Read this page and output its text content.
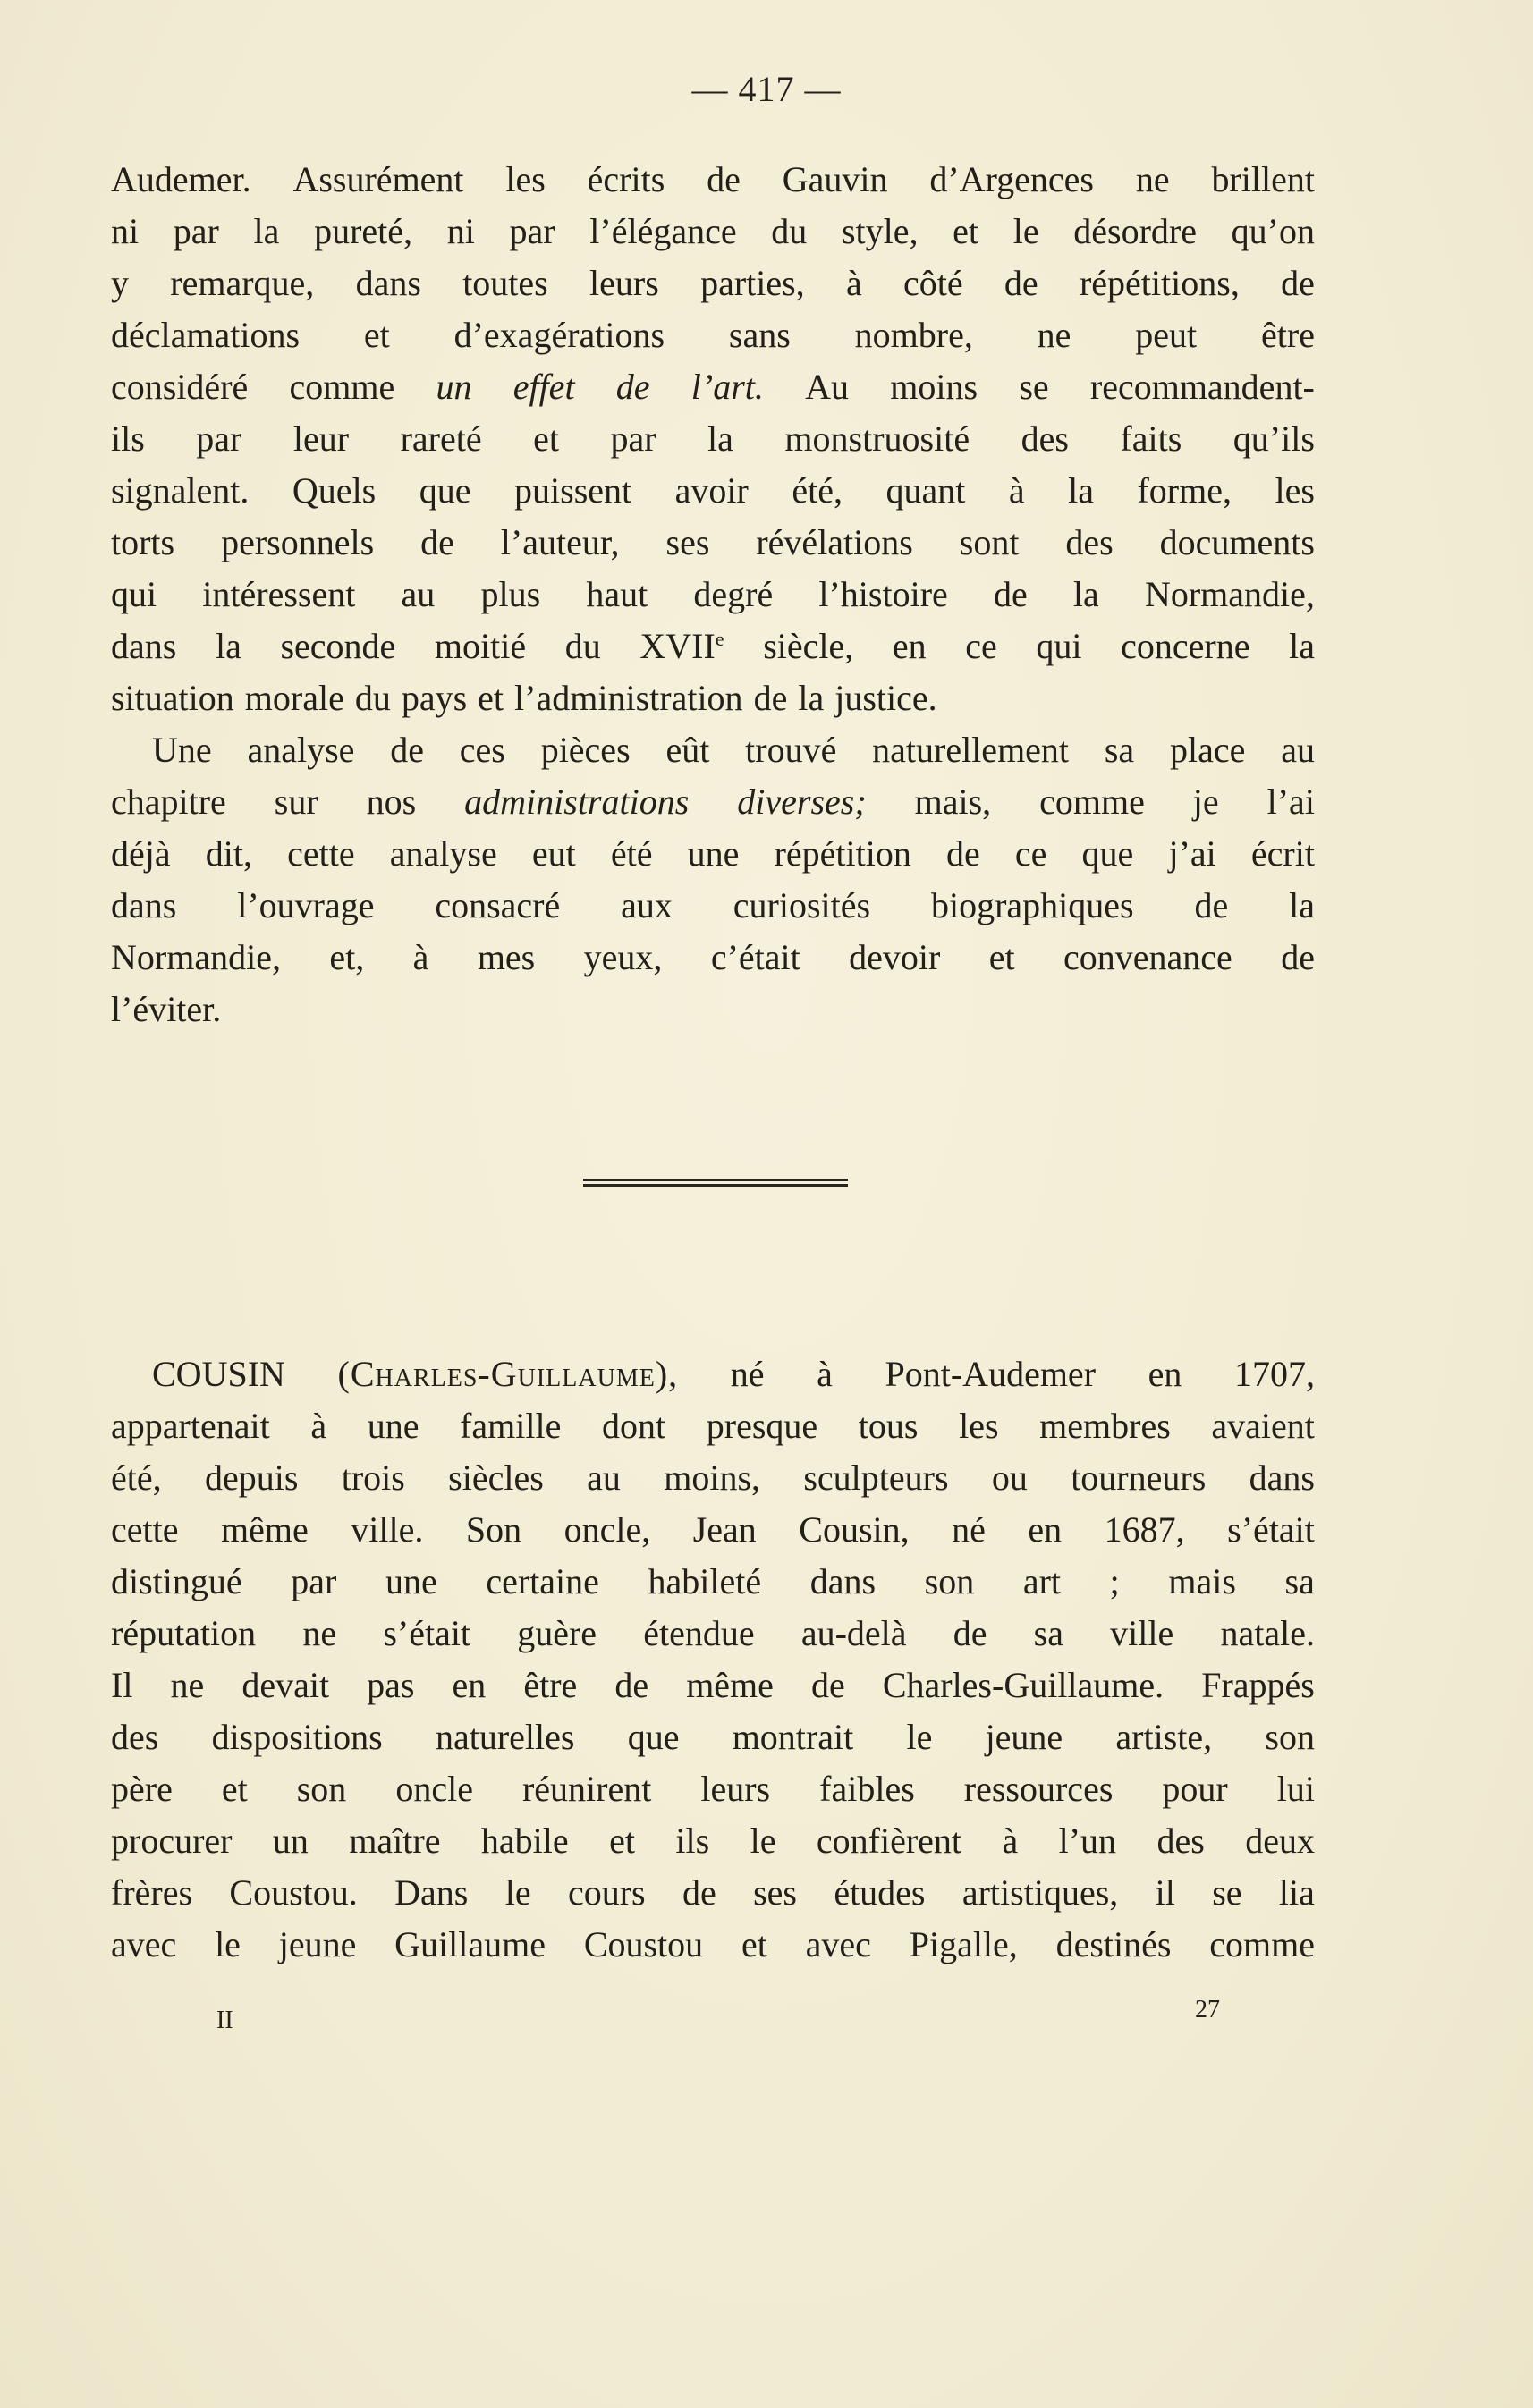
— 417 —
Audemer. Assurément les écrits de Gauvin d’Argences ne brillent
ni par la pureté, ni par l’élégance du style, et le désordre qu’on
y remarque, dans toutes leurs parties, à côté de répétitions, de
déclamations et d’exagérations sans nombre, ne peut être
considéré comme un effet de l’art. Au moins se recommandent-
ils par leur rareté et par la monstruosité des faits qu’ils
signalent. Quels que puissent avoir été, quant à la forme, les
torts personnels de l’auteur, ses révélations sont des documents
qui intéressent au plus haut degré l’histoire de la Normandie,
dans la seconde moitié du XVIIe siècle, en ce qui concerne la
situation morale du pays et l’administration de la justice.
Une analyse de ces pièces eût trouvé naturellement sa place au
chapitre sur nos administrations diverses; mais, comme je l’ai
déjà dit, cette analyse eut été une répétition de ce que j’ai écrit
dans l’ouvrage consacré aux curiosités biographiques de la
Normandie, et, à mes yeux, c’était devoir et convenance de
l’éviter.
COUSIN (Charles-Guillaume), né à Pont-Audemer en 1707,
appartenait à une famille dont presque tous les membres avaient
été, depuis trois siècles au moins, sculpteurs ou tourneurs dans
cette même ville. Son oncle, Jean Cousin, né en 1687, s’était
distingué par une certaine habileté dans son art ; mais sa
réputation ne s’était guère étendue au-delà de sa ville natale.
Il ne devait pas en être de même de Charles-Guillaume. Frappés
des dispositions naturelles que montrait le jeune artiste, son
père et son oncle réunirent leurs faibles ressources pour lui
procurer un maître habile et ils le confièrent à l’un des deux
frères Coustou. Dans le cours de ses études artistiques, il se lia
avec le jeune Guillaume Coustou et avec Pigalle, destinés comme
II	27
